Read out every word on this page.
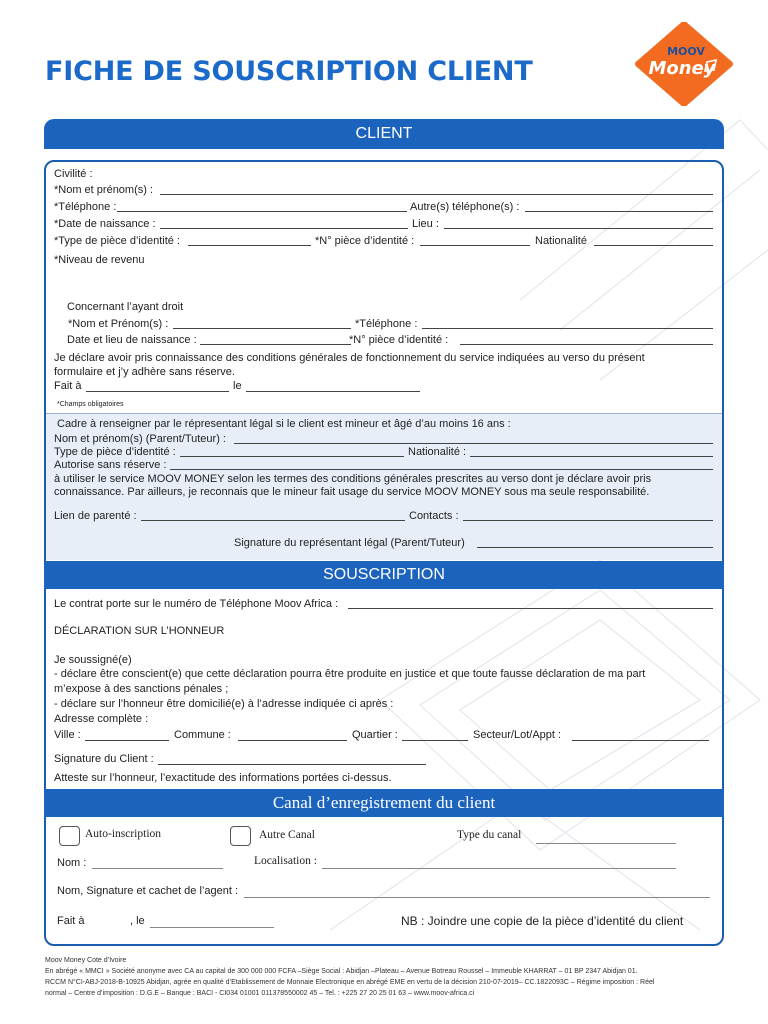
FICHE DE SOUSCRIPTION CLIENT
MOOV
Money
CLIENT
Civilité :
*Nom et prénom(s) :
*Téléphone :	Autre(s) téléphone(s) :
*Date de naissance :	Lieu :
*Type de pièce d’identité :	*N° pièce d’identité :	Nationalité
*Niveau de revenu
Concernant l’ayant droit
*Nom et Prénom(s) :	*Téléphone :
Date et lieu de naissance :	*N° pièce d’identité :
Je déclare avoir pris connaissance des conditions générales de fonctionnement du service indiquées au verso du présent
formulaire et j’y adhère sans réserve.
Fait à	le
*Champs obligatoires
Cadre à renseigner par le répresentant légal si le client est mineur et âgé d’au moins 16 ans :
Nom et prénom(s) (Parent/Tuteur) :
Type de pièce d’identité :	Nationalité :
Autorise sans réserve :
à utiliser le service MOOV MONEY selon les termes des conditions générales prescrites au verso dont je déclare avoir pris
connaissance. Par ailleurs, je reconnais que le mineur fait usage du service MOOV MONEY sous ma seule responsabilité.
Lien de parenté :	Contacts :
Signature du représentant légal (Parent/Tuteur)
SOUSCRIPTION
Le contrat porte sur le numéro de Téléphone Moov Africa :
DÉCLARATION SUR L’HONNEUR
Je soussigné(e)
- déclare être conscient(e) que cette déclaration pourra être produite en justice et que toute fausse déclaration de ma part
m’expose à des sanctions pénales ;
- déclare sur l’honneur être domicilié(e) à l’adresse indiquée ci après :
Adresse complète :
Ville :	Commune :	Quartier :	Secteur/Lot/Appt :
Signature du Client :
Atteste sur l’honneur, l’exactitude des informations portées ci-dessus.
Canal d’enregistrement du client
Auto-inscription	Autre Canal	Type du canal
Nom :	Localisation :
Nom, Signature et cachet de l’agent :
Fait à	, le	NB : Joindre une copie de la pièce d’identité du client
Moov Money Cote d’Ivoire
En abrégé « MMCI » Société anonyme avec CA au capital de 300 000 000 FCFA –Siège Social : Abidjan –Plateau – Avenue Botreau Roussel – Immeuble KHARRAT – 01 BP 2347 Abidjan 01.
RCCM N°CI-ABJ-2018-B-10925 Abidjan, agrée en qualité d’Etablissement de Monnaie Electronique en abrégé EME en vertu de la décision 210-07-2019– CC.1822093C – Régime imposition : Réel
normal – Centre d’imposition : D.G.E – Banque : BACI - CI034 01001 011378550002 45 – Tel. : +225 27 20 25 01 63 – www.moov-africa.ci
